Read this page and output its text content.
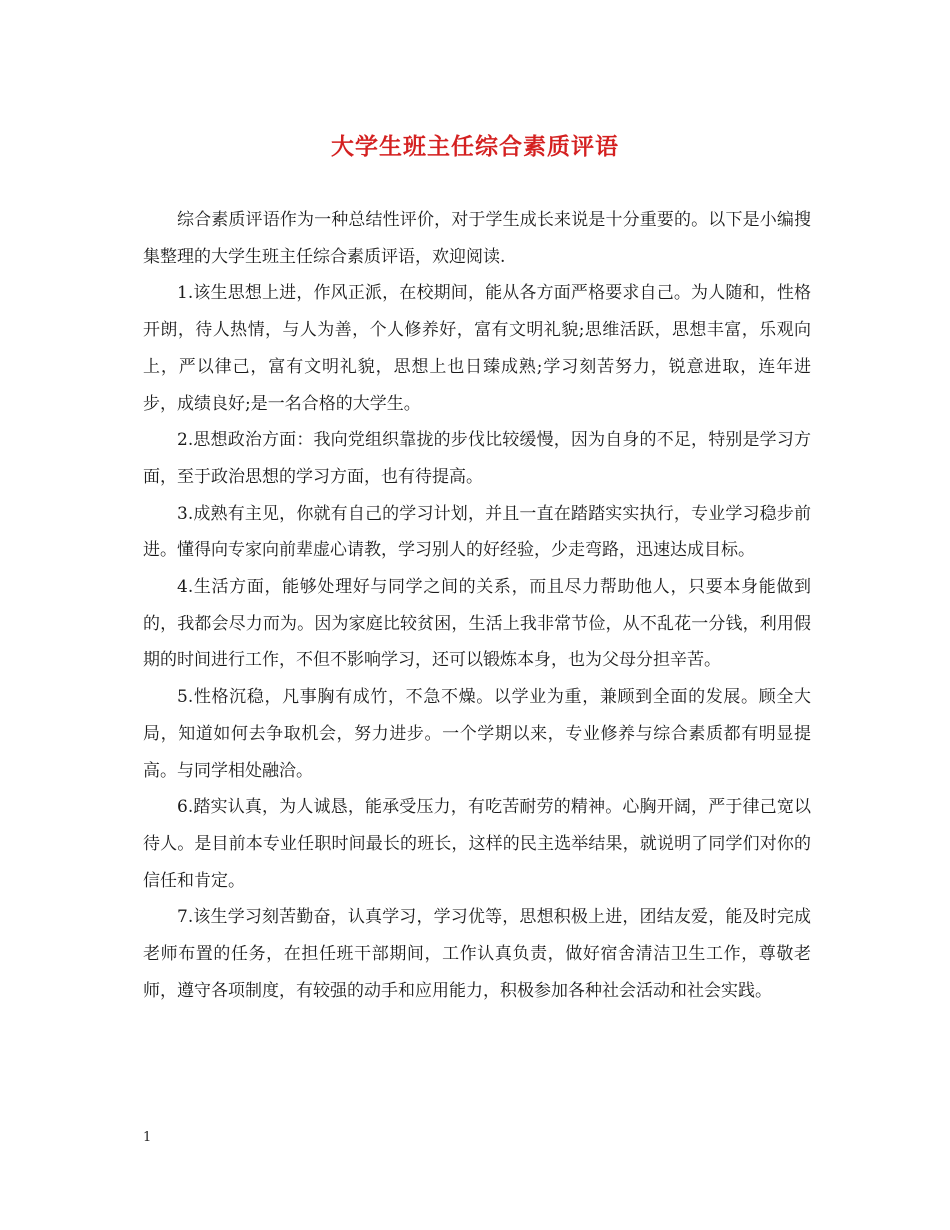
大学生班主任综合素质评语

综合素质评语作为一种总结性评价，对于学生成长来说是十分重要的。以下是小编搜集整理的大学生班主任综合素质评语，欢迎阅读.

1.该生思想上进，作风正派，在校期间，能从各方面严格要求自己。为人随和，性格开朗，待人热情，与人为善，个人修养好，富有文明礼貌;思维活跃，思想丰富，乐观向上，严以律己，富有文明礼貌，思想上也日臻成熟;学习刻苦努力，锐意进取，连年进步，成绩良好;是一名合格的大学生。

2.思想政治方面：我向党组织靠拢的步伐比较缓慢，因为自身的不足，特别是学习方面，至于政治思想的学习方面，也有待提高。

3.成熟有主见，你就有自己的学习计划，并且一直在踏踏实实执行，专业学习稳步前进。懂得向专家向前辈虚心请教，学习别人的好经验，少走弯路，迅速达成目标。

4.生活方面，能够处理好与同学之间的关系，而且尽力帮助他人，只要本身能做到的，我都会尽力而为。因为家庭比较贫困，生活上我非常节俭，从不乱花一分钱，利用假期的时间进行工作，不但不影响学习，还可以锻炼本身，也为父母分担辛苦。

5.性格沉稳，凡事胸有成竹，不急不燥。以学业为重，兼顾到全面的发展。顾全大局，知道如何去争取机会，努力进步。一个学期以来，专业修养与综合素质都有明显提高。与同学相处融洽。

6.踏实认真，为人诚恳，能承受压力，有吃苦耐劳的精神。心胸开阔，严于律己宽以待人。是目前本专业任职时间最长的班长，这样的民主选举结果，就说明了同学们对你的信任和肯定。

7.该生学习刻苦勤奋，认真学习，学习优等，思想积极上进，团结友爱，能及时完成老师布置的任务，在担任班干部期间，工作认真负责，做好宿舍清洁卫生工作，尊敬老师，遵守各项制度，有较强的动手和应用能力，积极参加各种社会活动和社会实践。

1
